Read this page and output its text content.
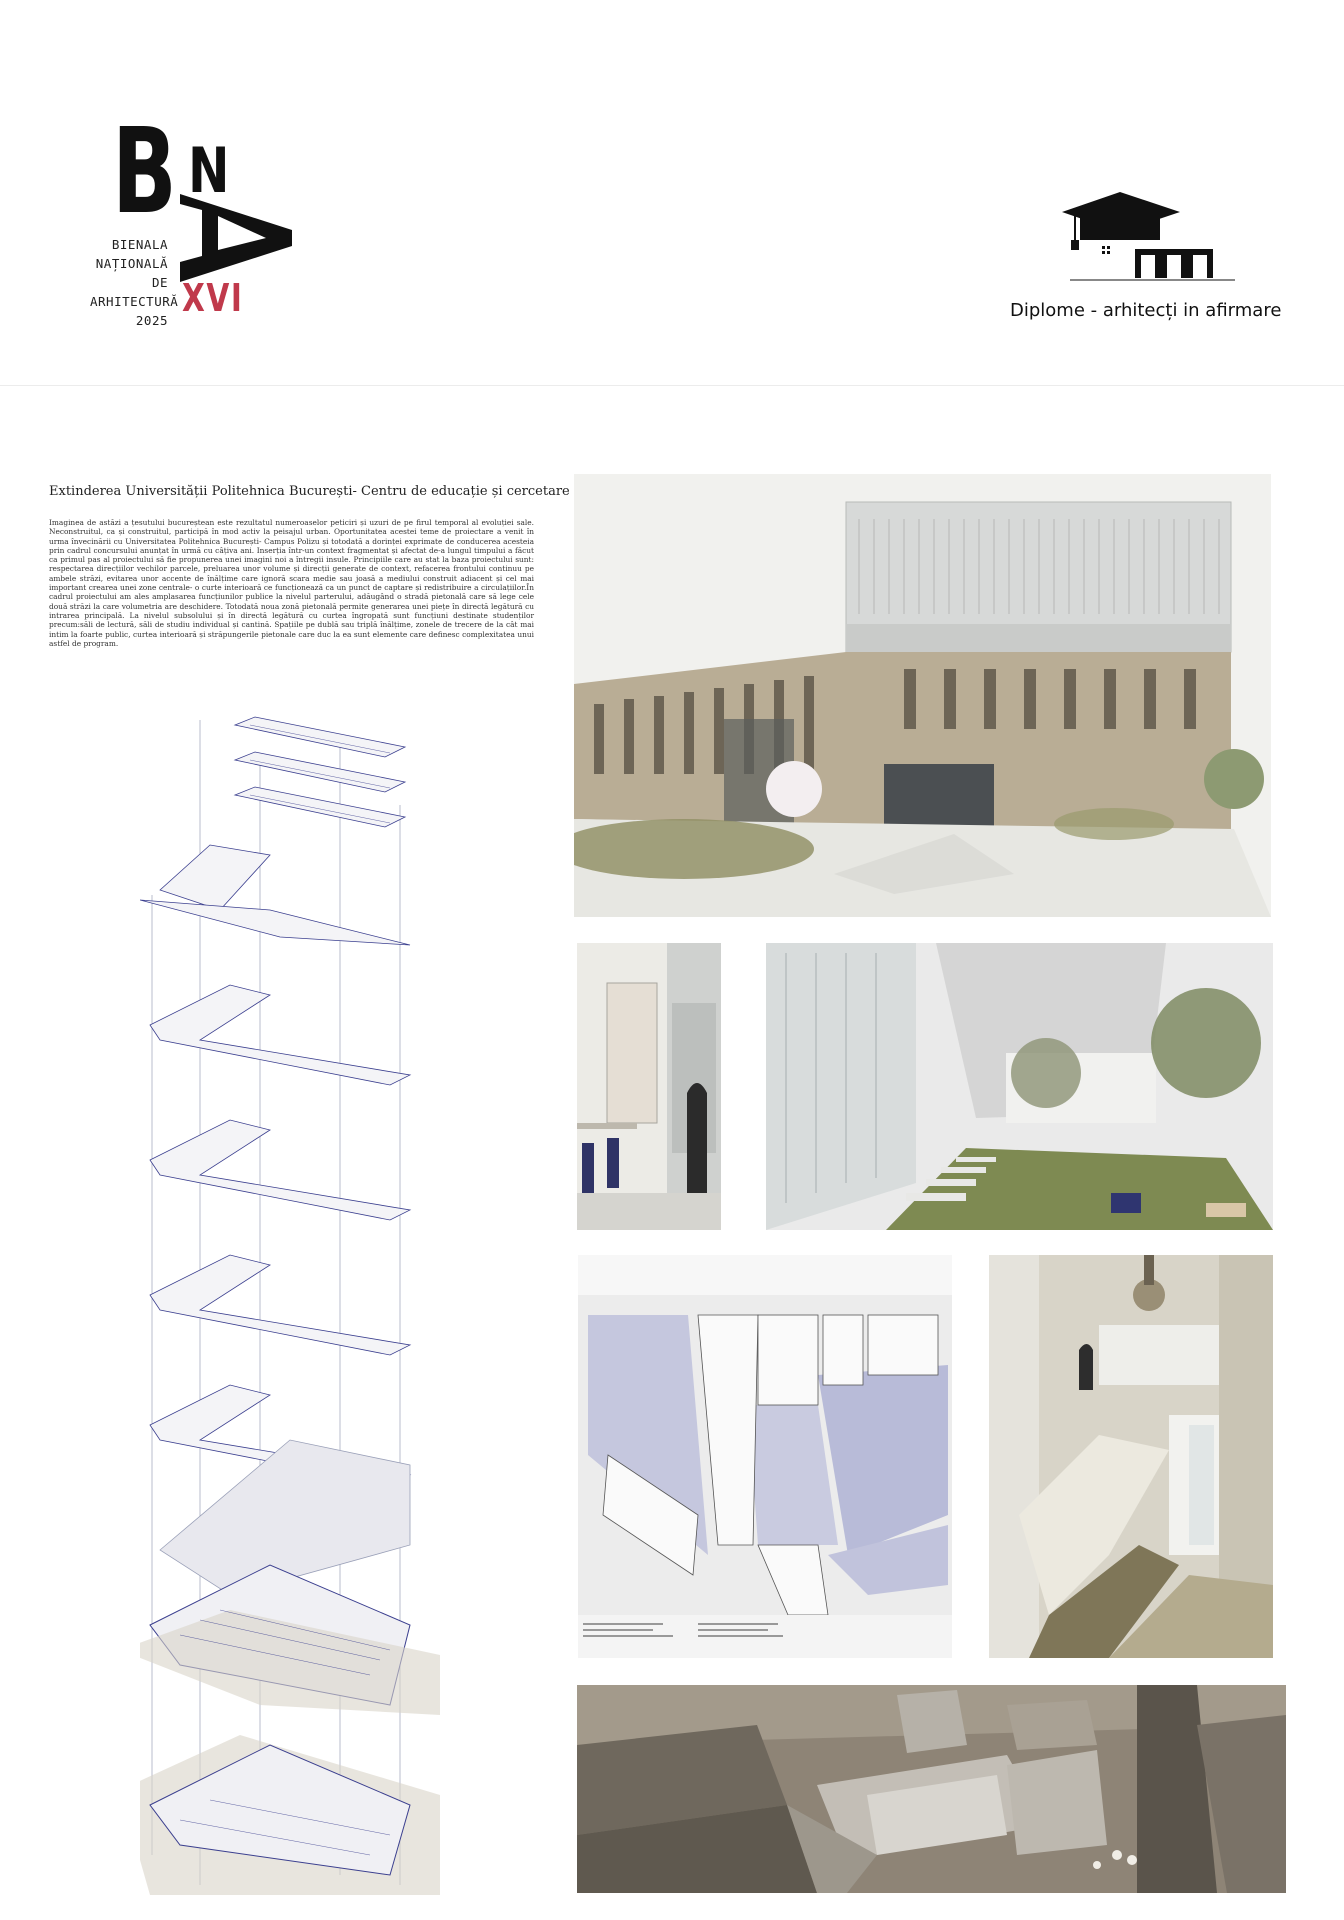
B N
BIENALA
NAȚIONALĂ
DE
ARHITECTURĂ
2025
XVI	Diplome - arhitecți in afirmare
Extinderea Universității Politehnica București- Centru de educație și cercetare
Imaginea de astăzi a țesutului bucureștean este rezultatul numeroaselor peticiri și uzuri de pe firul temporal al evoluției sale. Neconstruitul, ca și construitul, participă în mod activ la peisajul urban. Oportunitatea acestei teme de proiectare a venit în urma învecinării cu Universitatea Politehnica București- Campus Polizu și totodată a dorinței exprimate de conducerea acesteia prin cadrul concursului anunțat în urmă cu câțiva ani. Inserția într-un context fragmentat și afectat de-a lungul timpului a făcut ca primul pas al proiectului să fie propunerea unei imagini noi a întregii insule. Principiile care au stat la baza proiectului sunt: respectarea direcțiilor vechilor parcele, preluarea unor volume și direcții generate de context, refacerea frontului continuu pe ambele străzi, evitarea unor accente de înălțime care ignoră scara medie sau joasă a mediului construit adiacent și cel mai important crearea unei zone centrale- o curte interioară ce funcționează ca un punct de captare și redistribuire a circulațiilor.În cadrul proiectului am ales amplasarea funcțiunilor publice la nivelul parterului, adăugând o stradă pietonală care să lege cele două străzi la care volumetria are deschidere. Totodată noua zonă pietonală permite generarea unei piețe în directă legătură cu intrarea principală. La nivelul subsolului și în directă legătură cu curtea îngropată sunt funcțiuni destinate studenților precum:săli de lectură, săli de studiu individual și cantină. Spațiile pe dublă sau triplă înălțime, zonele de trecere de la cât mai intim la foarte public, curtea interioară și străpungerile pietonale care duc la ea sunt elemente care definesc complexitatea unui astfel de program.
